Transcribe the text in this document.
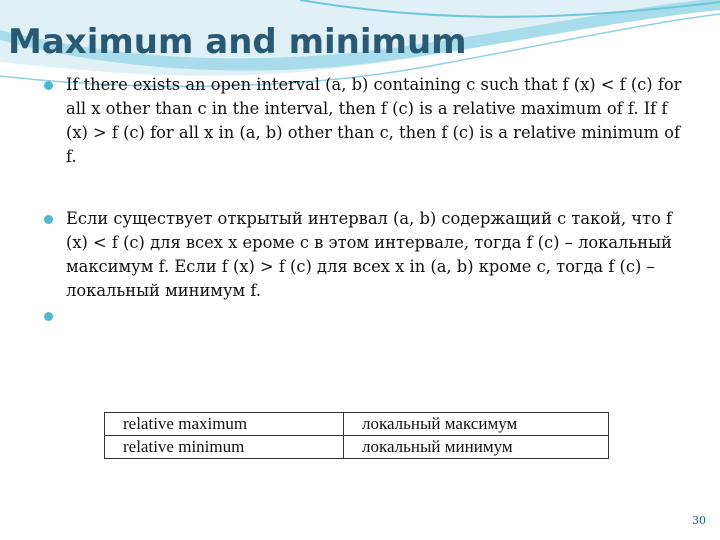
Maximum and minimum
If there exists an open interval (a, b) containing c such that f (x) < f (c) for all x other than c in the interval, then f (c) is a relative maximum of f. If f (x) > f (c) for all x in (a, b) other than c, then f (c) is a relative minimum of f.
Если существует открытый интервал (a, b) содержащий c такой, что f (x) < f (c) для всех x ероме c в этом интервале, тогда f (c) – локальный максимум f. Если f (x) > f (c) для всех x in (a, b) кроме c, тогда f (c) – локальный минимум f.
relative maximum	локальный максимум
relative minimum	локальный минимум
30
